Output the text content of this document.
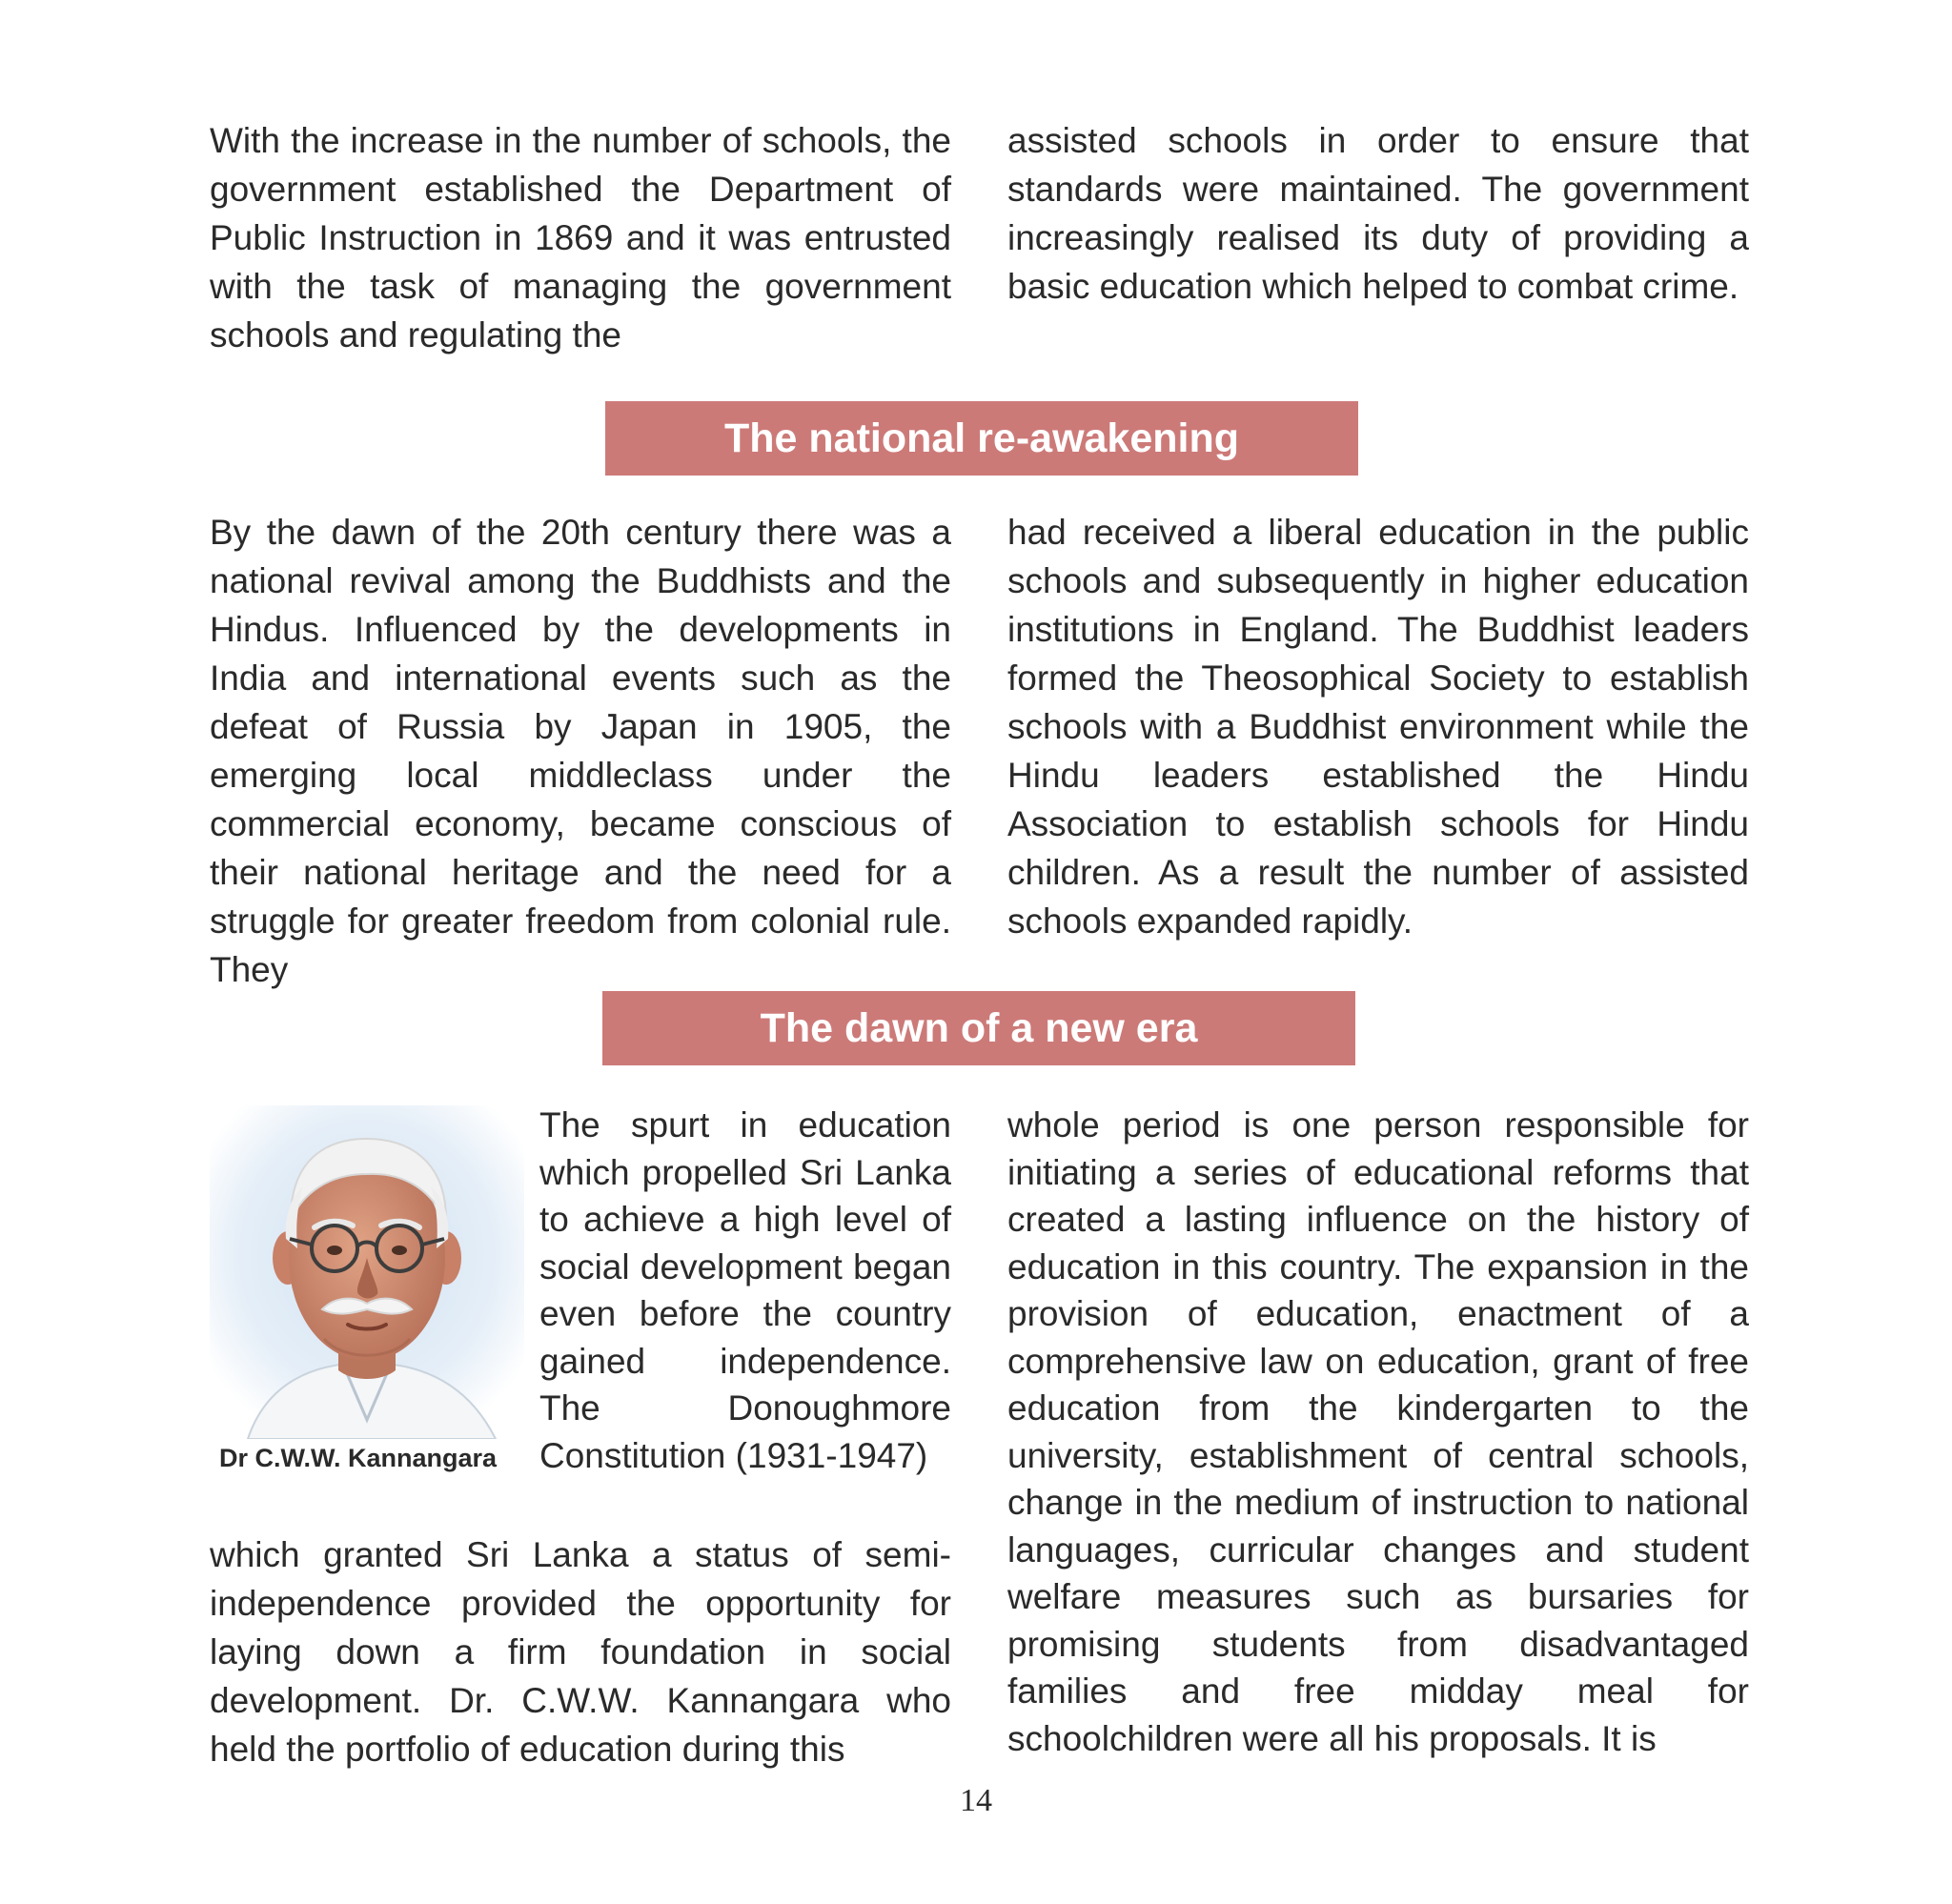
With the increase in the number of schools, the government established the Department of Public Instruction in 1869 and it was entrusted with the task of managing the government schools and regulating the

assisted schools in order to ensure that standards were maintained. The government increasingly realised its duty of providing a basic education which helped to combat crime.

The national re-awakening

By the dawn of the 20th century there was a national revival among the Buddhists and the Hindus. Influenced by the developments in India and international events such as the defeat of Russia by Japan in 1905, the emerging local middleclass under the commercial economy, became conscious of their national heritage and the need for a struggle for greater freedom from colonial rule. They

had received a liberal education in the public schools and subsequently in higher education institutions in England. The Buddhist leaders formed the Theosophical Society to establish schools with a Buddhist environment while the Hindu leaders established the Hindu Association to establish schools for Hindu children. As a result the number of assisted schools expanded rapidly.

The dawn of a new era
Dr C.W.W. Kannangara

The spurt in education which propelled Sri Lanka to achieve a high level of social development began even before the country gained independence. The Donoughmore Constitution (1931-1947)

which granted Sri Lanka a status of semi-independence provided the opportunity for laying down a firm foundation in social development. Dr. C.W.W. Kannangara who held the portfolio of education during this

whole period is one person responsible for initiating a series of educational reforms that created a lasting influence on the history of education in this country. The expansion in the provision of education, enactment of a comprehensive law on education, grant of free education from the kindergarten to the university, establishment of central schools, change in the medium of instruction to national languages, curricular changes and student welfare measures such as bursaries for promising students from disadvantaged families and free midday meal for schoolchildren were all his proposals. It is

14
